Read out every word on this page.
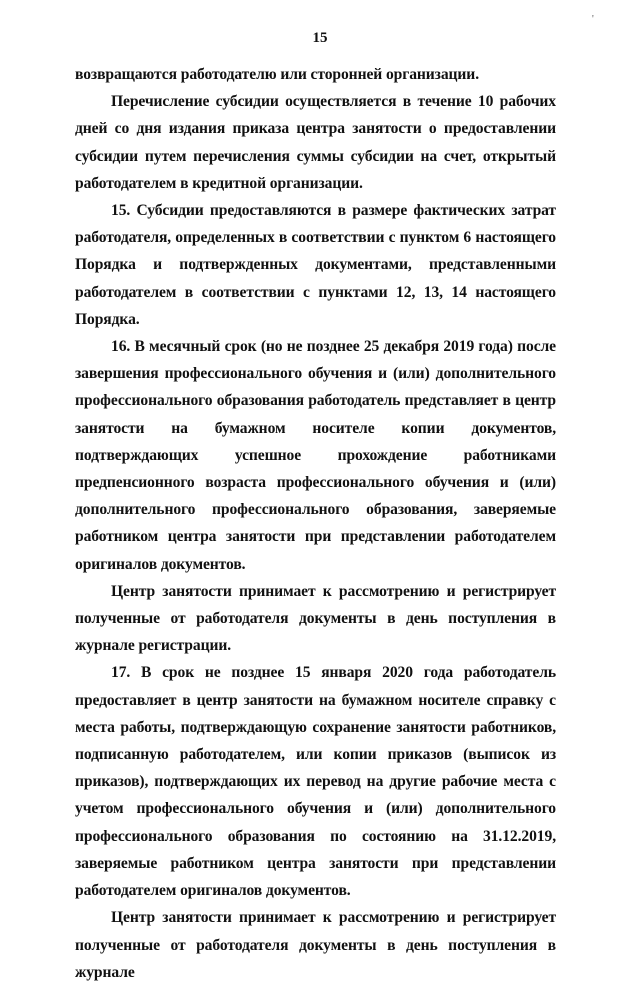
'
15

возвращаются работодателю или сторонней организации.

Перечисление субсидии осуществляется в течение 10 рабочих дней со дня издания приказа центра занятости о предоставлении субсидии путем перечисления суммы субсидии на счет, открытый работодателем в кредитной организации.

15. Субсидии предоставляются в размере фактических затрат работодателя, определенных в соответствии с пунктом 6 настоящего Порядка и подтвержденных документами, представленными работодателем в соответствии с пунктами 12, 13, 14 настоящего Порядка.

16. В месячный срок (но не позднее 25 декабря 2019 года) после завершения профессионального обучения и (или) дополнительного профессионального образования работодатель представляет в центр занятости на бумажном носителе копии документов, подтверждающих успешное прохождение работниками предпенсионного возраста профессионального обучения и (или) дополнительного профессионального образования, заверяемые работником центра занятости при представлении работодателем оригиналов документов.

Центр занятости принимает к рассмотрению и регистрирует полученные от работодателя документы в день поступления в журнале регистрации.

17. В срок не позднее 15 января 2020 года работодатель предоставляет в центр занятости на бумажном носителе справку с места работы, подтверждающую сохранение занятости работников, подписанную работодателем, или копии приказов (выписок из приказов), подтверждающих их перевод на другие рабочие места с учетом профессионального обучения и (или) дополнительного профессионального образования по состоянию на 31.12.2019, заверяемые работником центра занятости при представлении работодателем оригиналов документов.

Центр занятости принимает к рассмотрению и регистрирует полученные от работодателя документы в день поступления в журнале
